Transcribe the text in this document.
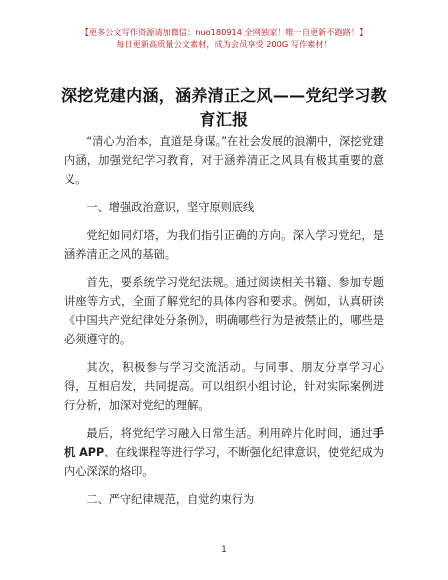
【更多公文写作资源请加微信：nuo180914 全网独家！唯一自更新不跑路！】
每日更新高质量公文素材，成为会员享受 200G 写作素材！
深挖党建内涵，涵养清正之风——党纪学习教育汇报

“清心为治本，直道是身谋。”在社会发展的浪潮中，深挖党建内涵，加强党纪学习教育，对于涵养清正之风具有极其重要的意义。

一、增强政治意识，坚守原则底线

党纪如同灯塔，为我们指引正确的方向。深入学习党纪，是涵养清正之风的基础。

首先，要系统学习党纪法规。通过阅读相关书籍、参加专题讲座等方式，全面了解党纪的具体内容和要求。例如，认真研读《中国共产党纪律处分条例》，明确哪些行为是被禁止的，哪些是必须遵守的。

其次，积极参与学习交流活动。与同事、朋友分享学习心得，互相启发，共同提高。可以组织小组讨论，针对实际案例进行分析，加深对党纪的理解。

最后，将党纪学习融入日常生活。利用碎片化时间，通过手机 APP、在线课程等进行学习，不断强化纪律意识，使党纪成为内心深深的烙印。

二、严守纪律规范，自觉约束行为

1
